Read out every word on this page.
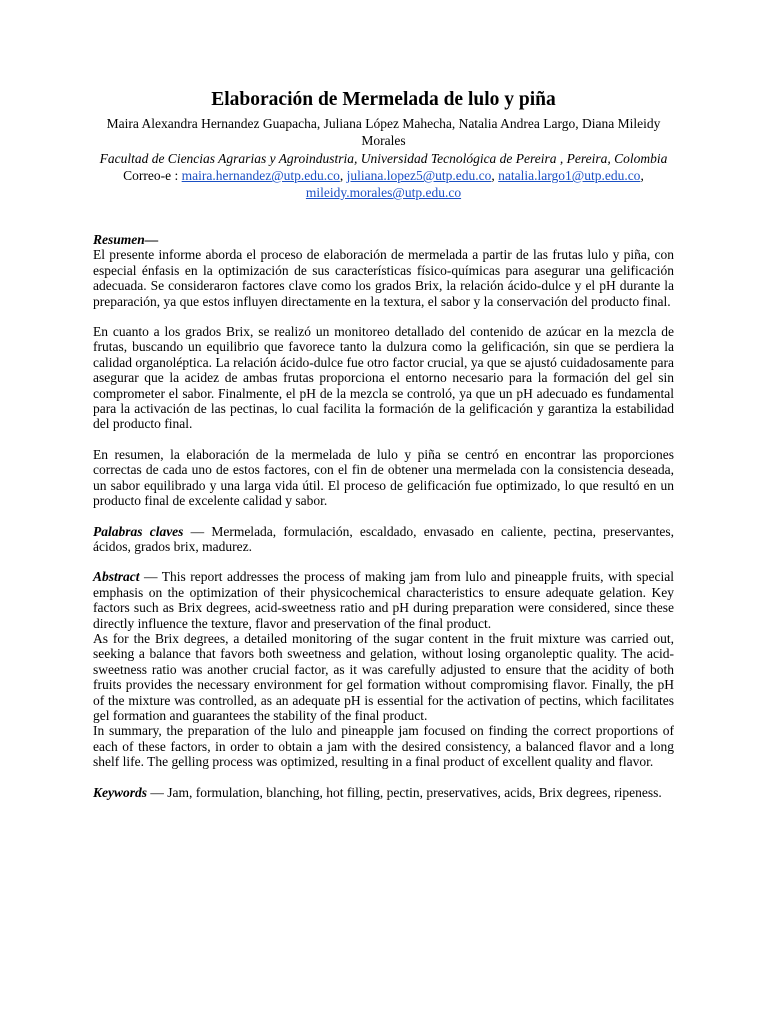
Elaboración de Mermelada de lulo y piña
Maira Alexandra Hernandez Guapacha, Juliana López Mahecha, Natalia Andrea Largo, Diana Mileidy Morales
Facultad de Ciencias Agrarias y Agroindustria, Universidad Tecnológica de Pereira , Pereira, Colombia
Correo-e : maira.hernandez@utp.edu.co, juliana.lopez5@utp.edu.co, natalia.largo1@utp.edu.co, mileidy.morales@utp.edu.co
Resumen—

El presente informe aborda el proceso de elaboración de mermelada a partir de las frutas lulo y piña, con especial énfasis en la optimización de sus características físico-químicas para asegurar una gelificación adecuada. Se consideraron factores clave como los grados Brix, la relación ácido-dulce y el pH durante la preparación, ya que estos influyen directamente en la textura, el sabor y la conservación del producto final.

En cuanto a los grados Brix, se realizó un monitoreo detallado del contenido de azúcar en la mezcla de frutas, buscando un equilibrio que favorece tanto la dulzura como la gelificación, sin que se perdiera la calidad organoléptica. La relación ácido-dulce fue otro factor crucial, ya que se ajustó cuidadosamente para asegurar que la acidez de ambas frutas proporciona el entorno necesario para la formación del gel sin comprometer el sabor. Finalmente, el pH de la mezcla se controló, ya que un pH adecuado es fundamental para la activación de las pectinas, lo cual facilita la formación de la gelificación y garantiza la estabilidad del producto final.

En resumen, la elaboración de la mermelada de lulo y piña se centró en encontrar las proporciones correctas de cada uno de estos factores, con el fin de obtener una mermelada con la consistencia deseada, un sabor equilibrado y una larga vida útil. El proceso de gelificación fue optimizado, lo que resultó en un producto final de excelente calidad y sabor.

Palabras claves — Mermelada, formulación, escaldado, envasado en caliente, pectina, preservantes, ácidos, grados brix, madurez.

Abstract — This report addresses the process of making jam from lulo and pineapple fruits, with special emphasis on the optimization of their physicochemical characteristics to ensure adequate gelation. Key factors such as Brix degrees, acid-sweetness ratio and pH during preparation were considered, since these directly influence the texture, flavor and preservation of the final product.

As for the Brix degrees, a detailed monitoring of the sugar content in the fruit mixture was carried out, seeking a balance that favors both sweetness and gelation, without losing organoleptic quality. The acid-sweetness ratio was another crucial factor, as it was carefully adjusted to ensure that the acidity of both fruits provides the necessary environment for gel formation without compromising flavor. Finally, the pH of the mixture was controlled, as an adequate pH is essential for the activation of pectins, which facilitates gel formation and guarantees the stability of the final product.

In summary, the preparation of the lulo and pineapple jam focused on finding the correct proportions of each of these factors, in order to obtain a jam with the desired consistency, a balanced flavor and a long shelf life. The gelling process was optimized, resulting in a final product of excellent quality and flavor.

Keywords — Jam, formulation, blanching, hot filling, pectin, preservatives, acids, Brix degrees, ripeness.
